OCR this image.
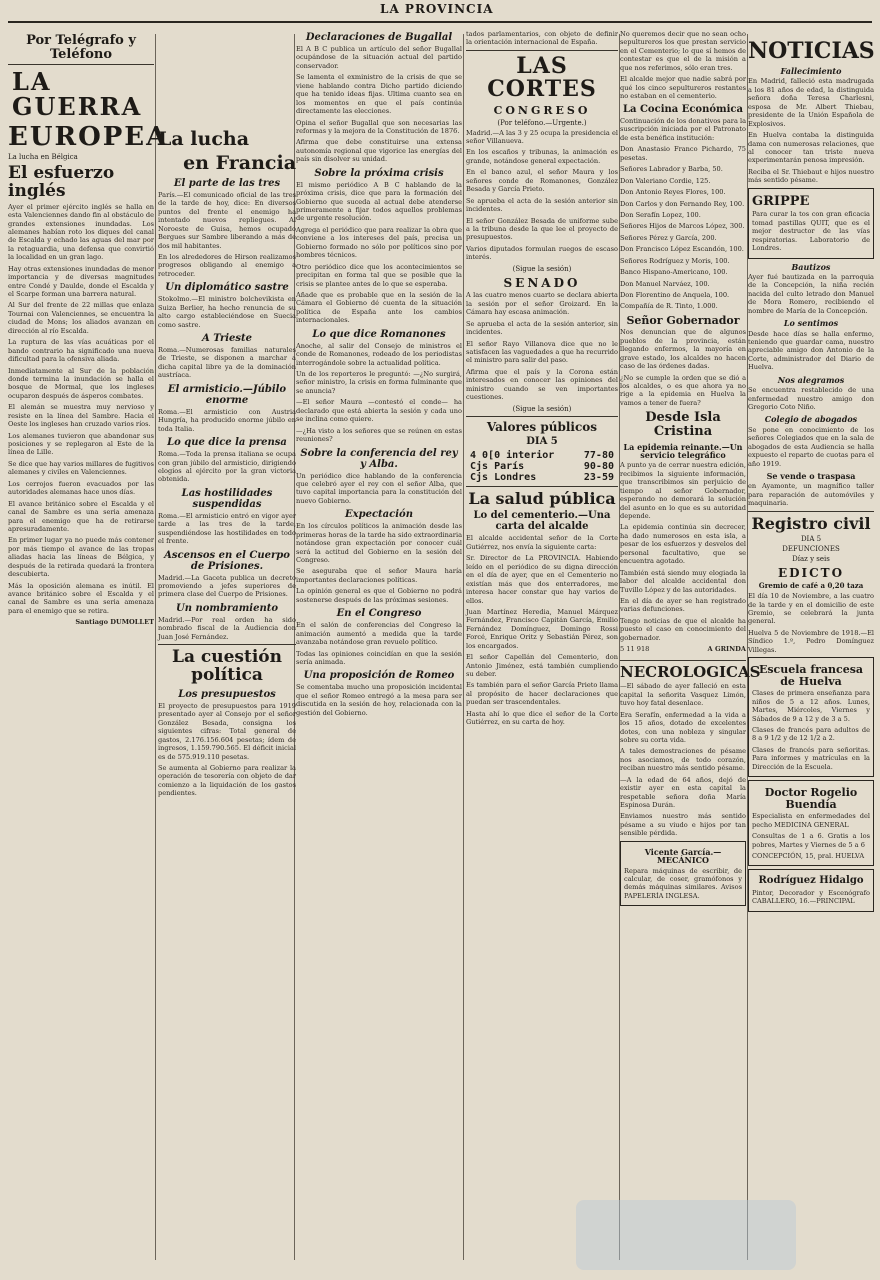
LA PROVINCIA
Por Telégrafo y Teléfono
LA GUERRA
EUROPEA
La lucha en Bélgica
El esfuerzo inglés

Ayer el primer ejército inglés se halla en esta Valenciennes dando fin al obstáculo de grandes extensiones inundadas. Los alemanes habían roto los diques del canal de Escalda y echado las aguas del mar por la retaguardia, una defensa que convirtió la localidad en un gran lago.

Hay otras extensiones inundadas de menor importancia y de diversas magnitudes entre Condé y Daulde, donde el Escalda y el Scarpe forman una barrera natural.

Al Sur del frente de 22 millas que enlaza Tournai con Valenciennes, se encuentra la ciudad de Mons; los aliados avanzan en dirección al río Escalda.

La ruptura de las vías acuáticas por el bando contrario ha significado una nueva dificultad para la ofensiva aliada.

Inmediatamente al Sur de la población donde termina la inundación se halla el bosque de Mormal, que los ingleses ocuparon después de ásperos combates.

El alemán se muestra muy nervioso y resiste en la línea del Sambre. Hacia el Oeste los ingleses han cruzado varios ríos.

Los alemanes tuvieron que abandonar sus posiciones y se replegaron al Este de la línea de Lille.

Se dice que hay varios millares de fugitivos alemanes y civiles en Valenciennes.

Los cerrojos fueron evacuados por las autoridades alemanas hace unos días.

El avance británico sobre el Escalda y el canal de Sambre es una seria amenaza para el enemigo que ha de retirarse apresuradamente.

En primer lugar ya no puede más contener por más tiempo el avance de las tropas aliadas hacia las líneas de Bélgica, y después de la retirada quedará la frontera descubierta.

Más la oposición alemana es inútil. El avance británico sobre el Escalda y el canal de Sambre es una seria amenaza para el enemigo que se retira.

Santiago DUMOLLET

La lucha
en Francia
El parte de las tres

París.—El comunicado oficial de las tres de la tarde de hoy, dice: En diversos puntos del frente el enemigo ha intentado nuevos repliegues. Al Noroeste de Guisa, hemos ocupado Bergues sur Sambre liberando a más de dos mil habitantes.

En los alrededores de Hirson realizamos progresos obligando al enemigo a retroceder.

Un diplomático sastre

Stokolmo.—El ministro bolchevikista en Suiza Berlier, ha hecho renuncia de su alto cargo estableciéndose en Suecia como sastre.

A Trieste

Roma.—Numerosas familias naturales de Trieste, se disponen a marchar a dicha capital libre ya de la dominación austríaca.

El armisticio.—Júbilo enorme

Roma.—El armisticio con Austria Hungría, ha producido enorme júbilo en toda Italia.

Lo que dice la prensa

Roma.—Toda la prensa italiana se ocupa con gran júbilo del armisticio, dirigiendo elogios al ejército por la gran victoria obtenida.

Las hostilidades suspendidas

Roma.—El armisticio entró en vigor ayer tarde a las tres de la tarde, suspendiéndose las hostilidades en todo el frente.

Ascensos en el Cuerpo de Prisiones.

Madrid.—La Gaceta publica un decreto promoviendo a jefes superiores de primera clase del Cuerpo de Prisiones.

Un nombramiento

Madrid.—Por real orden ha sido nombrado fiscal de la Audiencia don Juan José Fernández.

La cuestión política
Los presupuestos

El proyecto de presupuestos para 1919 presentado ayer al Consejo por el señor González Besada, consigna los siguientes cifras: Total general de gastos, 2.176.156.604 pesetas; ídem de ingresos, 1.159.790.565. El déficit inicial es de 575.919.110 pesetas.

Se aumenta al Gobierno para realizar la operación de tesorería con objeto de dar comienzo a la liquidación de los gastos pendientes.

Declaraciones de Bugallal

El A B C publica un artículo del señor Bugallal ocupándose de la situación actual del partido conservador.

Se lamenta el exministro de la crisis de que se viene hablando contra Dicho partido diciendo que ha tenido ideas fijas. Ultima cuanto sea en los momentos en que el país continúa directamente las elecciones.

Opina el señor Bugallal que son necesarias las reformas y la mejora de la Constitución de 1876.

Afirma que debe constituirse una extensa autonomía regional que vigorice las energías del país sin disolver su unidad.

Sobre la próxima crisis

El mismo periódico A B C hablando de la próxima crisis, dice que para la formación del Gobierno que suceda al actual debe atenderse primeramente a fijar todos aquellos problemas de urgente resolución.

Agrega el periódico que para realizar la obra que conviene a los intereses del país, precisa un Gobierno formado no sólo por políticos sino por hombres técnicos.

Otro periódico dice que los acontecimientos se precipitan en forma tal que se posible que la crisis se plantee antes de lo que se esperaba.

Añade que es probable que en la sesión de la Cámara el Gobierno dé cuenta de la situación política de España ante los cambios internacionales.

Lo que dice Romanones

Anoche, al salir del Consejo de ministros el conde de Romanones, rodeado de los periodistas interrogándole sobre la actualidad política.

Un de los reporteros le preguntó: —¿No surgirá, señor ministro, la crisis en forma fulminante que se anuncia?

—El señor Maura —contestó el conde— ha declarado que está abierta la sesión y cada uno se inclina como quiere.

—¿Ha visto a los señores que se reúnen en estas reuniones?

Sobre la conferencia del rey y Alba.

Un periódico dice hablando de la conferencia que celebró ayer el rey con el señor Alba, que tuvo capital importancia para la constitución del nuevo Gobierno.

Expectación

En los círculos políticos la animación desde las primeras horas de la tarde ha sido extraordinaria notándose gran expectación por conocer cuál será la actitud del Gobierno en la sesión del Congreso.

Se aseguraba que el señor Maura haría importantes declaraciones políticas.

La opinión general es que el Gobierno no podrá sostenerse después de las próximas sesiones.

En el Congreso

En el salón de conferencias del Congreso la animación aumentó a medida que la tarde avanzaba notándose gran revuelo político.

Todas las opiniones coincidían en que la sesión sería animada.

Una proposición de Romeo

Se comentaba mucho una proposición incidental que el señor Romeo entregó a la mesa para ser discutida en la sesión de hoy, relacionada con la gestión del Gobierno.

tados parlamentarios, con objeto de definir la orientación internacional de España.

LAS CORTES
CONGRESO
(Por teléfono.—Urgente.)

Madrid.—A las 3 y 25 ocupa la presidencia el señor Villanueva.

En los escaños y tribunas, la animación es grande, notándose general expectación.

En el banco azul, el señor Maura y los señores conde de Romanones, González Besada y García Prieto.

Se aprueba el acta de la sesión anterior sin incidentes.

El señor González Besada de uniforme sube a la tribuna desde la que lee el proyecto de presupuestos.

Varios diputados formulan ruegos de escaso interés.

(Sigue la sesión)
SENADO

A las cuatro menos cuarto se declara abierta la sesión por el señor Groizard. En la Cámara hay escasa animación.

Se aprueba el acta de la sesión anterior, sin incidentes.

El señor Rayo Villanova dice que no le satisfacen las vaguedades a que ha recurrido el ministro para salir del paso.

Afirma que el país y la Corona están interesados en conocer las opiniones del ministro cuando se ven importantes cuestiones.

(Sigue la sesión)
Valores públicos
DIA 5
4 0[0 interior	77-80
Cjs París	90-80
Cjs Londres	23-59
La salud pública
Lo del cementerio.—Una carta del alcalde

El alcalde accidental señor de la Corte Gutiérrez, nos envía la siguiente carta:

Sr. Director de La PROVINCIA. Habiendo leído en el periódico de su digna dirección en el día de ayer, que en el Cementerio no existían más que dos enterradores, me interesa hacer constar que hay varios de ellos.

Juan Martínez Heredia, Manuel Márquez Fernández, Francisco Capitán García, Emilio Fernández Domínguez, Domingo Rossi Forcé, Enrique Oritz y Sebastián Pérez, son los encargados.

El señor Capellán del Cementerio, don Antonio Jiménez, está también cumpliendo su deber.

Es también para el señor García Prieto llama al propósito de hacer declaraciones que puedan ser trascendentales.

Hasta ahí lo que dice el señor de la Corte Gutiérrez, en su carta de hoy.

No queremos decir que no sean ocho sepultureros los que prestan servicio en el Cementerio; lo que sí hemos de contestar es que el de la misión a que nos referimos, sólo eran tres.

El alcalde mejor que nadie sabrá por qué los cinco sepultureros restantes no estaban en el cementerio.

La Cocina Económica

Continuación de los donativos para la suscripción iniciada por el Patronato de esta benéfica institución:

Don Anastasio Franco Pichardo, 75 pesetas.

Señores Labrador y Barba, 50.

Don Valeriano Cordie, 125.

Don Antonio Reyes Flores, 100.

Don Carlos y don Fernando Rey, 100.

Don Serafín Lopez, 100.

Señores Hijos de Marcos López, 300.

Señores Pérez y García, 200.

Don Francisco López Escandón, 100.

Señores Rodríguez y Moris, 100.

Banco Hispano-Americano, 100.

Don Manuel Narváez, 100.

Don Florentino de Anquela, 100.

Compañía de R. Tinto, 1.000.

Señor Gobernador

Nos denuncian que de algunos pueblos de la provincia, están llegando enfermos, la mayoría en grave estado, los alcaldes no hacen caso de las órdenes dadas.

¿No se cumple la orden que se dió a los alcaldes, o es que ahora ya no rige a la epidemia en Huelva la vamos a tener de fuera?

Desde Isla Cristina
La epidemia reinante.—Un servicio telegráfico

A punto ya de cerrar nuestra edición, recibimos la siguiente información, que transcribimos sin perjuicio de tiempo al señor Gobernador, esperando no demorará la solución del asunto en lo que es su autoridad depende.

La epidemia continúa sin decrecer, ha dado numerosos en esta isla, a pesar de los esfuerzos y desvelos del personal facultativo, que se encuentra agotado.

También está siendo muy elogiada la labor del alcalde accidental don Tuvillo López y de las autoridades.

En el día de ayer se han registrado varias defunciones.

Tengo noticias de que el alcalde ha puesto el caso en conocimiento del gobernador.

5 11 918	A GRINDA
NECROLOGICAS

—El sábado de ayer falleció en esta capital la señorita Vasquez Limón, tuvo hoy fatal desenlace.

Era Serafín, enfermedad a la vida a los 15 años, dotado de excelentes dotes, con una nobleza y singular sobre su corta vida.

A tales demostraciones de pésame nos asociamos, de todo corazón, reciban nuestro más sentido pésame.

—A la edad de 64 años, dejó de existir ayer en esta capital la respetable señora doña María Espinosa Durán.

Enviamos nuestro más sentido pésame a su viudo e hijos por tan sensible pérdida.

Vicente García.—MECÁNICO

Repara máquinas de escribir, de calcular, de coser, gramófonos y demás máquinas similares. Avisos PAPELERÍA INGLESA.

NOTICIAS
Fallecimiento

En Madrid, falleció esta madrugada a los 81 años de edad, la distinguida señora doña Teresa Charlesni, esposa de Mr. Albert Thiebau, presidente de la Unión Española de Explosivos.

En Huelva contaba la distinguida dama con numerosas relaciones, que al conocer tan triste nueva experimentarán penosa impresión.

Reciba el Sr. Thiebaut e hijos nuestro más sentido pésame.

GRIPPE

Para curar la tos con gran eficacia tomad pastillas QUIT, que es el mejor destructor de las vías respiratorias. Laboratorio de Londres.

Bautizos

Ayer fué bautizada en la parroquia de la Concepción, la niña recién nacida del culto letrado don Manuel de Mora Romero, recibiendo el nombre de María de la Concepción.

Lo sentimos

Desde hace días se halla enfermo, teniendo que guardar cama, nuestro apreciable amigo don Antonio de la Corte, administrador del Diario de Huelva.

Nos alegramos

Se encuentra restablecido de una enfermedad nuestro amigo don Gregorio Coto Niño.

Colegio de abogados

Se pone en conocimiento de los señores Colegiados que en la sala de abogados de esta Audiencia se halla expuesto el reparto de cuotas para el año 1919.

Se vende o traspasa

en Ayamonte, un magnífico taller para reparación de automóviles y maquinaria.

Registro civil
DIA 5
DEFUNCIONES
Díaz y seis
EDICTO
Gremio de café a 0,20 taza

El día 10 de Noviembre, a las cuatro de la tarde y en el domicilio de este Gremio, se celebrará la junta general.

Huelva 5 de Noviembre de 1918.—El Síndico 1.º, Pedro Domínguez Villegas.

Escuela francesa de Huelva

Clases de primera enseñanza para niños de 5 a 12 años. Lunes, Martes, Miércoles, Viernes y Sábados de 9 a 12 y de 3 a 5.

Clases de francés para adultos de 8 a 9 1/2 y de 12 1/2 a 2.

Clases de francés para señoritas. Para informes y matrículas en la Dirección de la Escuela.

Doctor Rogelio Buendía

Especialista en enfermedades del pecho MEDICINA GENERAL

Consultas de 1 a 6. Gratis a los pobres, Martes y Viernes de 5 a 6

CONCEPCIÓN, 15, pral. HUELVA

Rodríguez Hidalgo

Pintor, Decorador y Escenógrafo CABALLERO, 16.—PRINCIPAL
